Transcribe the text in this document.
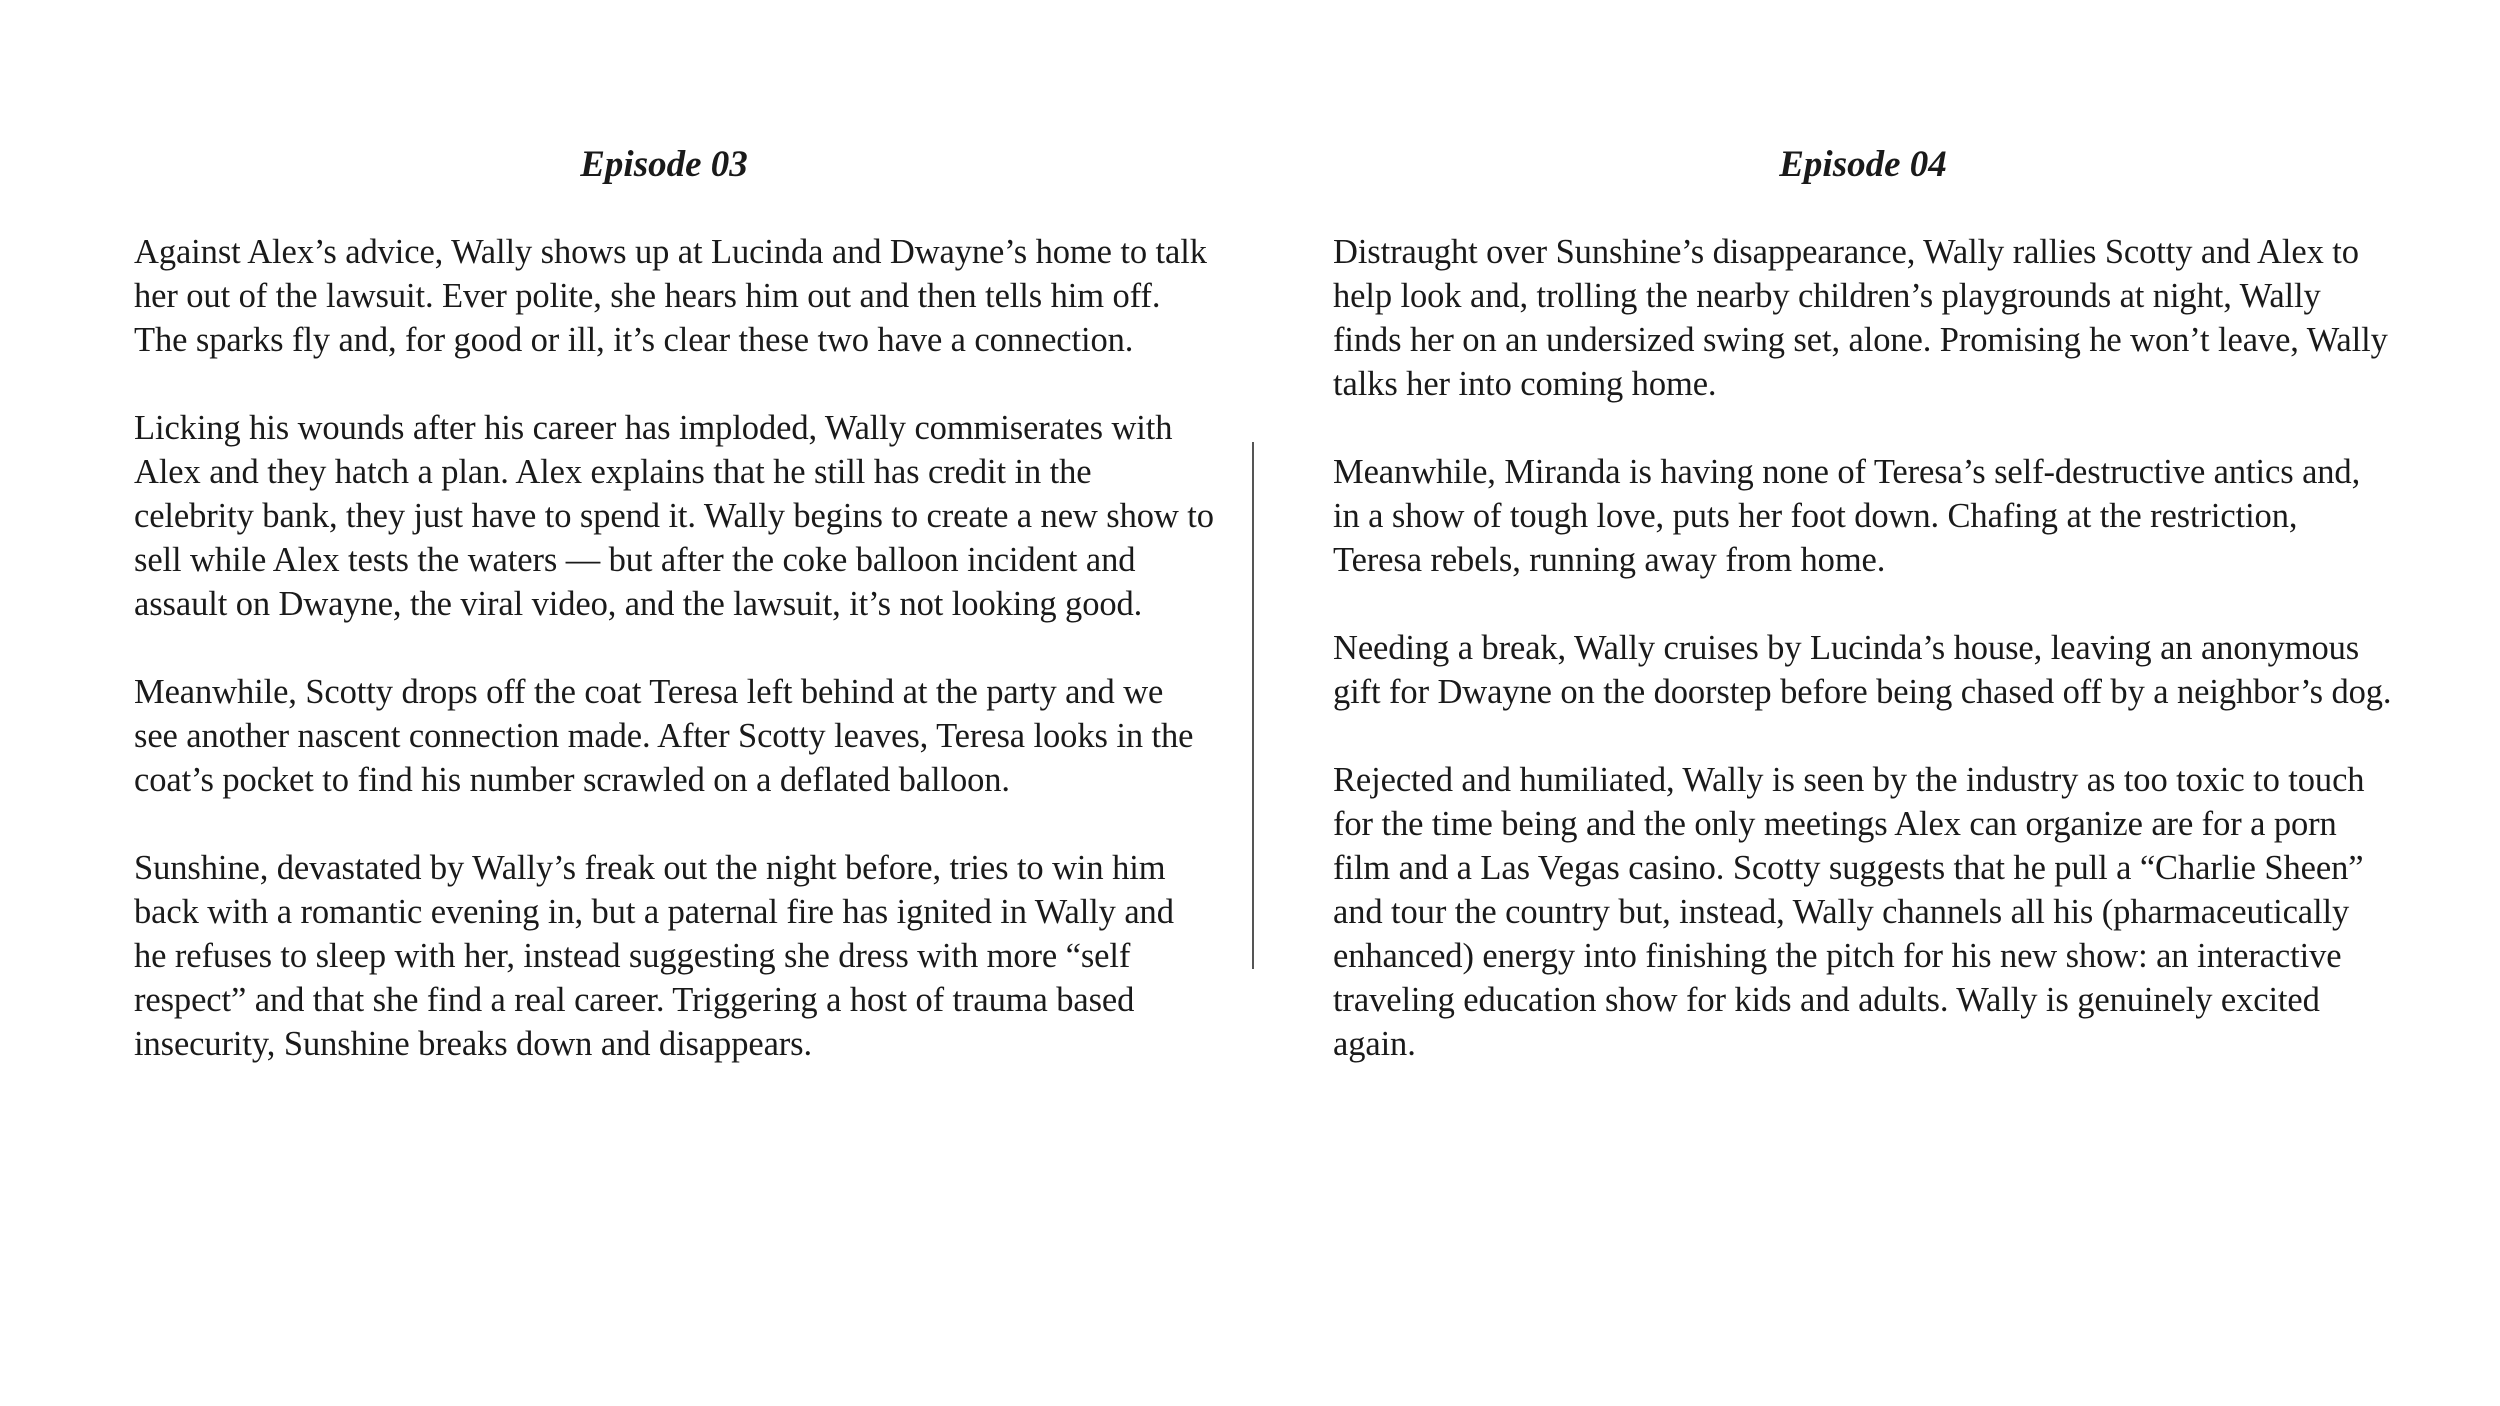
Episode 03

Against Alex’s advice, Wally shows up at Lucinda and Dwayne’s home to talk her out of the lawsuit. Ever polite, she hears him out and then tells him off. The sparks fly and, for good or ill, it’s clear these two have a connection.

Licking his wounds after his career has imploded, Wally commiserates with Alex and they hatch a plan. Alex explains that he still has credit in the celebrity bank, they just have to spend it. Wally begins to create a new show to sell while Alex tests the waters — but after the coke balloon incident and assault on Dwayne, the viral video, and the lawsuit, it’s not looking good.

Meanwhile, Scotty drops off the coat Teresa left behind at the party and we see another nascent connection made. After Scotty leaves, Teresa looks in the coat’s pocket to find his number scrawled on a deflated balloon.

Sunshine, devastated by Wally’s freak out the night before, tries to win him back with a romantic evening in, but a paternal fire has ignited in Wally and he refuses to sleep with her, instead suggesting she dress with more “self respect” and that she find a real career. Triggering a host of trauma based insecurity, Sunshine breaks down and disappears.

Episode 04

Distraught over Sunshine’s disappearance, Wally rallies Scotty and Alex to help look and, trolling the nearby children’s playgrounds at night, Wally finds her on an undersized swing set, alone. Promising he won’t leave, Wally talks her into coming home.

Meanwhile, Miranda is having none of Teresa’s self-destructive antics and, in a show of tough love, puts her foot down. Chafing at the restriction, Teresa rebels, running away from home.

Needing a break, Wally cruises by Lucinda’s house, leaving an anonymous gift for Dwayne on the doorstep before being chased off by a neighbor’s dog.

Rejected and humiliated, Wally is seen by the industry as too toxic to touch for the time being and the only meetings Alex can organize are for a porn film and a Las Vegas casino. Scotty suggests that he pull a “Charlie Sheen” and tour the country but, instead, Wally channels all his (pharmaceutically enhanced) energy into finishing the pitch for his new show: an interactive traveling education show for kids and adults. Wally is genuinely excited again.
